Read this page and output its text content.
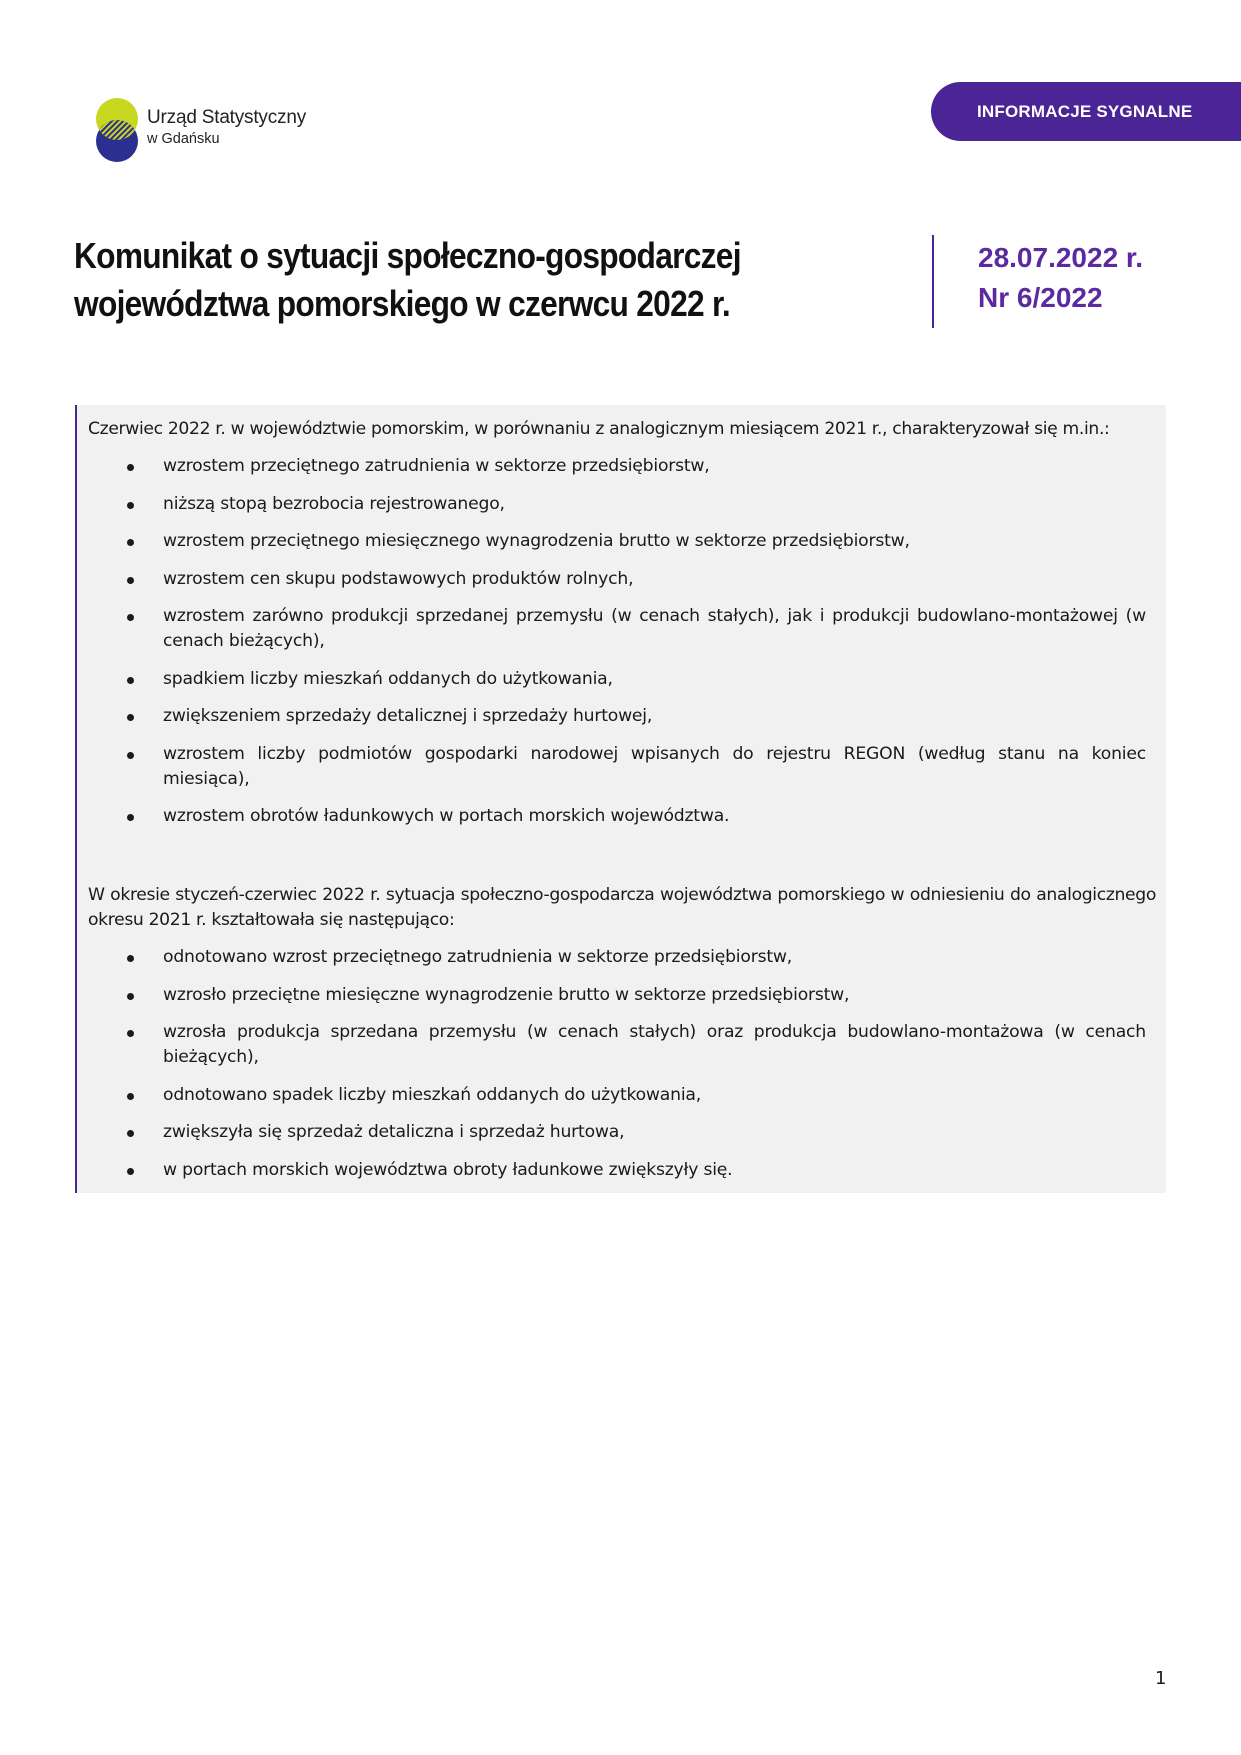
Urząd Statystyczny
w Gdańsku
INFORMACJE SYGNALNE
Komunikat o sytuacji społeczno-gospodarczej
województwa pomorskiego w czerwcu 2022 r.
28.07.2022 r.
Nr 6/2022
Czerwiec 2022 r. w województwie pomorskim, w porównaniu z analogicznym miesiącem 2021 r., charakteryzował się m.in.:
wzrostem przeciętnego zatrudnienia w sektorze przedsiębiorstw,
niższą stopą bezrobocia rejestrowanego,
wzrostem przeciętnego miesięcznego wynagrodzenia brutto w sektorze przedsiębiorstw,
wzrostem cen skupu podstawowych produktów rolnych,
wzrostem zarówno produkcji sprzedanej przemysłu (w cenach stałych), jak i produkcji budowlano-montażowej (w cenach bieżących),
spadkiem liczby mieszkań oddanych do użytkowania,
zwiększeniem sprzedaży detalicznej i sprzedaży hurtowej,
wzrostem liczby podmiotów gospodarki narodowej wpisanych do rejestru REGON (według stanu na koniec miesiąca),
wzrostem obrotów ładunkowych w portach morskich województwa.
W okresie styczeń-czerwiec 2022 r. sytuacja społeczno-gospodarcza województwa pomorskiego w odniesieniu do analogicznego okresu 2021 r. kształtowała się następująco:
odnotowano wzrost przeciętnego zatrudnienia w sektorze przedsiębiorstw,
wzrosło przeciętne miesięczne wynagrodzenie brutto w sektorze przedsiębiorstw,
wzrosła produkcja sprzedana przemysłu (w cenach stałych) oraz produkcja budowlano-montażowa (w cenach bieżących),
odnotowano spadek liczby mieszkań oddanych do użytkowania,
zwiększyła się sprzedaż detaliczna i sprzedaż hurtowa,
w portach morskich województwa obroty ładunkowe zwiększyły się.
1
